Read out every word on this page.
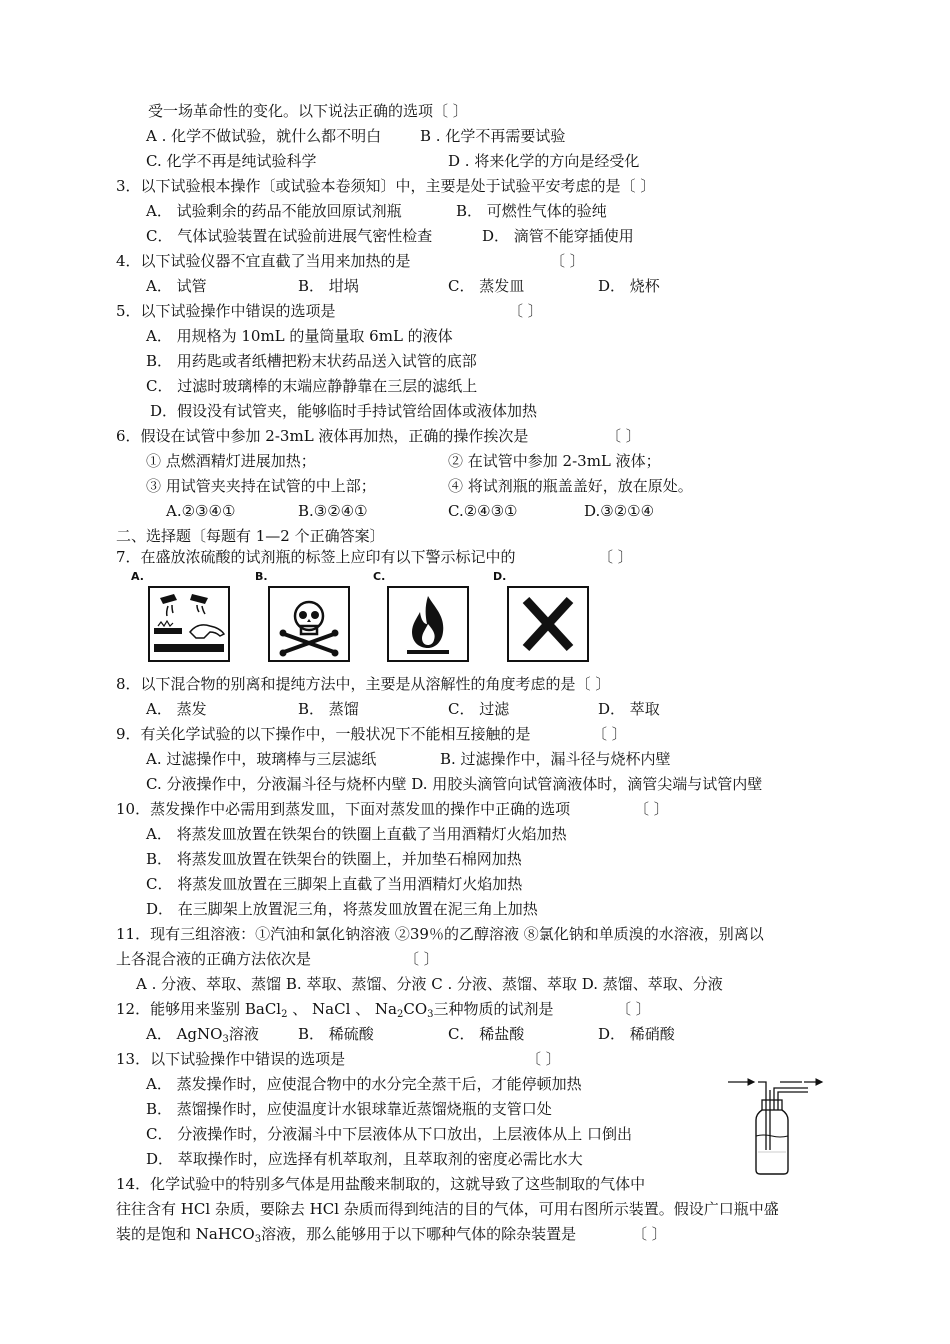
受一场革命性的变化。以下说法正确的选项〔 〕
A . 化学不做试验，就什么都不明白	B . 化学不再需要试验
C. 化学不再是纯试验科学	D . 将来化学的方向是经受化
3．以下试验根本操作〔或试验本卷须知〕中，主要是处于试验平安考虑的是〔 〕
A． 试验剩余的药品不能放回原试剂瓶	B． 可燃性气体的验纯
C． 气体试验装置在试验前进展气密性检查	D． 滴管不能穿插使用
4．以下试验仪器不宜直截了当用来加热的是	〔 〕
A． 试管	B． 坩埚	C． 蒸发皿	D． 烧杯
5．以下试验操作中错误的选项是	〔 〕
A． 用规格为 10mL 的量筒量取 6mL 的液体
B． 用药匙或者纸槽把粉末状药品送入试管的底部
C． 过滤时玻璃棒的末端应静静靠在三层的滤纸上
D．假设没有试管夹，能够临时手持试管给固体或液体加热
6．假设在试管中参加 2-3mL 液体再加热，正确的操作挨次是	〔 〕
① 点燃酒精灯进展加热；	② 在试管中参加 2-3mL 液体；
③ 用试管夹夹持在试管的中上部；	④ 将试剂瓶的瓶盖盖好，放在原处。
A.②③④①	B.③②④①	C.②④③①	D.③②①④
二、选择题〔每题有 1—2 个正确答案〕
7．在盛放浓硫酸的试剂瓶的标签上应印有以下警示标记中的	〔 〕
A.	B.	C.	D.
8．以下混合物的别离和提纯方法中，主要是从溶解性的角度考虑的是〔 〕
A． 蒸发	B． 蒸馏	C． 过滤	D． 萃取
9．有关化学试验的以下操作中，一般状况下不能相互接触的是	〔 〕
A. 过滤操作中，玻璃棒与三层滤纸	B. 过滤操作中，漏斗径与烧杯内壁
C. 分液操作中，分液漏斗径与烧杯内壁 D. 用胶头滴管向试管滴液体时，滴管尖端与试管内壁
10．蒸发操作中必需用到蒸发皿，下面对蒸发皿的操作中正确的选项	〔 〕
A． 将蒸发皿放置在铁架台的铁圈上直截了当用酒精灯火焰加热
B． 将蒸发皿放置在铁架台的铁圈上，并加垫石棉网加热
C． 将蒸发皿放置在三脚架上直截了当用酒精灯火焰加热
D． 在三脚架上放置泥三角，将蒸发皿放置在泥三角上加热
11．现有三组溶液：①汽油和氯化钠溶液 ②39％的乙醇溶液 ⑧氯化钠和单质溴的水溶液，别离以
上各混合液的正确方法依次是	〔 〕
A . 分液、萃取、蒸馏 B. 萃取、蒸馏、分液 C . 分液、蒸馏、萃取 D. 蒸馏、萃取、分液
12．能够用来鉴别 BaCl$_2$ 、 NaCl 、 $Na_2CO_3$三种物质的试剂是	〔 〕
A． AgNO$_3$溶液	B． 稀硫酸	C． 稀盐酸	D． 稀硝酸
13．以下试验操作中错误的选项是	〔 〕
A． 蒸发操作时，应使混合物中的水分完全蒸干后，才能停顿加热
B． 蒸馏操作时，应使温度计水银球靠近蒸馏烧瓶的支管口处
C． 分液操作时，分液漏斗中下层液体从下口放出，上层液体从上 口倒出
D． 萃取操作时，应选择有机萃取剂，且萃取剂的密度必需比水大
14．化学试验中的特别多气体是用盐酸来制取的，这就导致了这些制取的气体中
往往含有 HCl 杂质，要除去 HCl 杂质而得到纯洁的目的气体，可用右图所示装置。假设广口瓶中盛
装的是饱和 NaHCO$_3$溶液，那么能够用于以下哪种气体的除杂装置是	〔 〕
